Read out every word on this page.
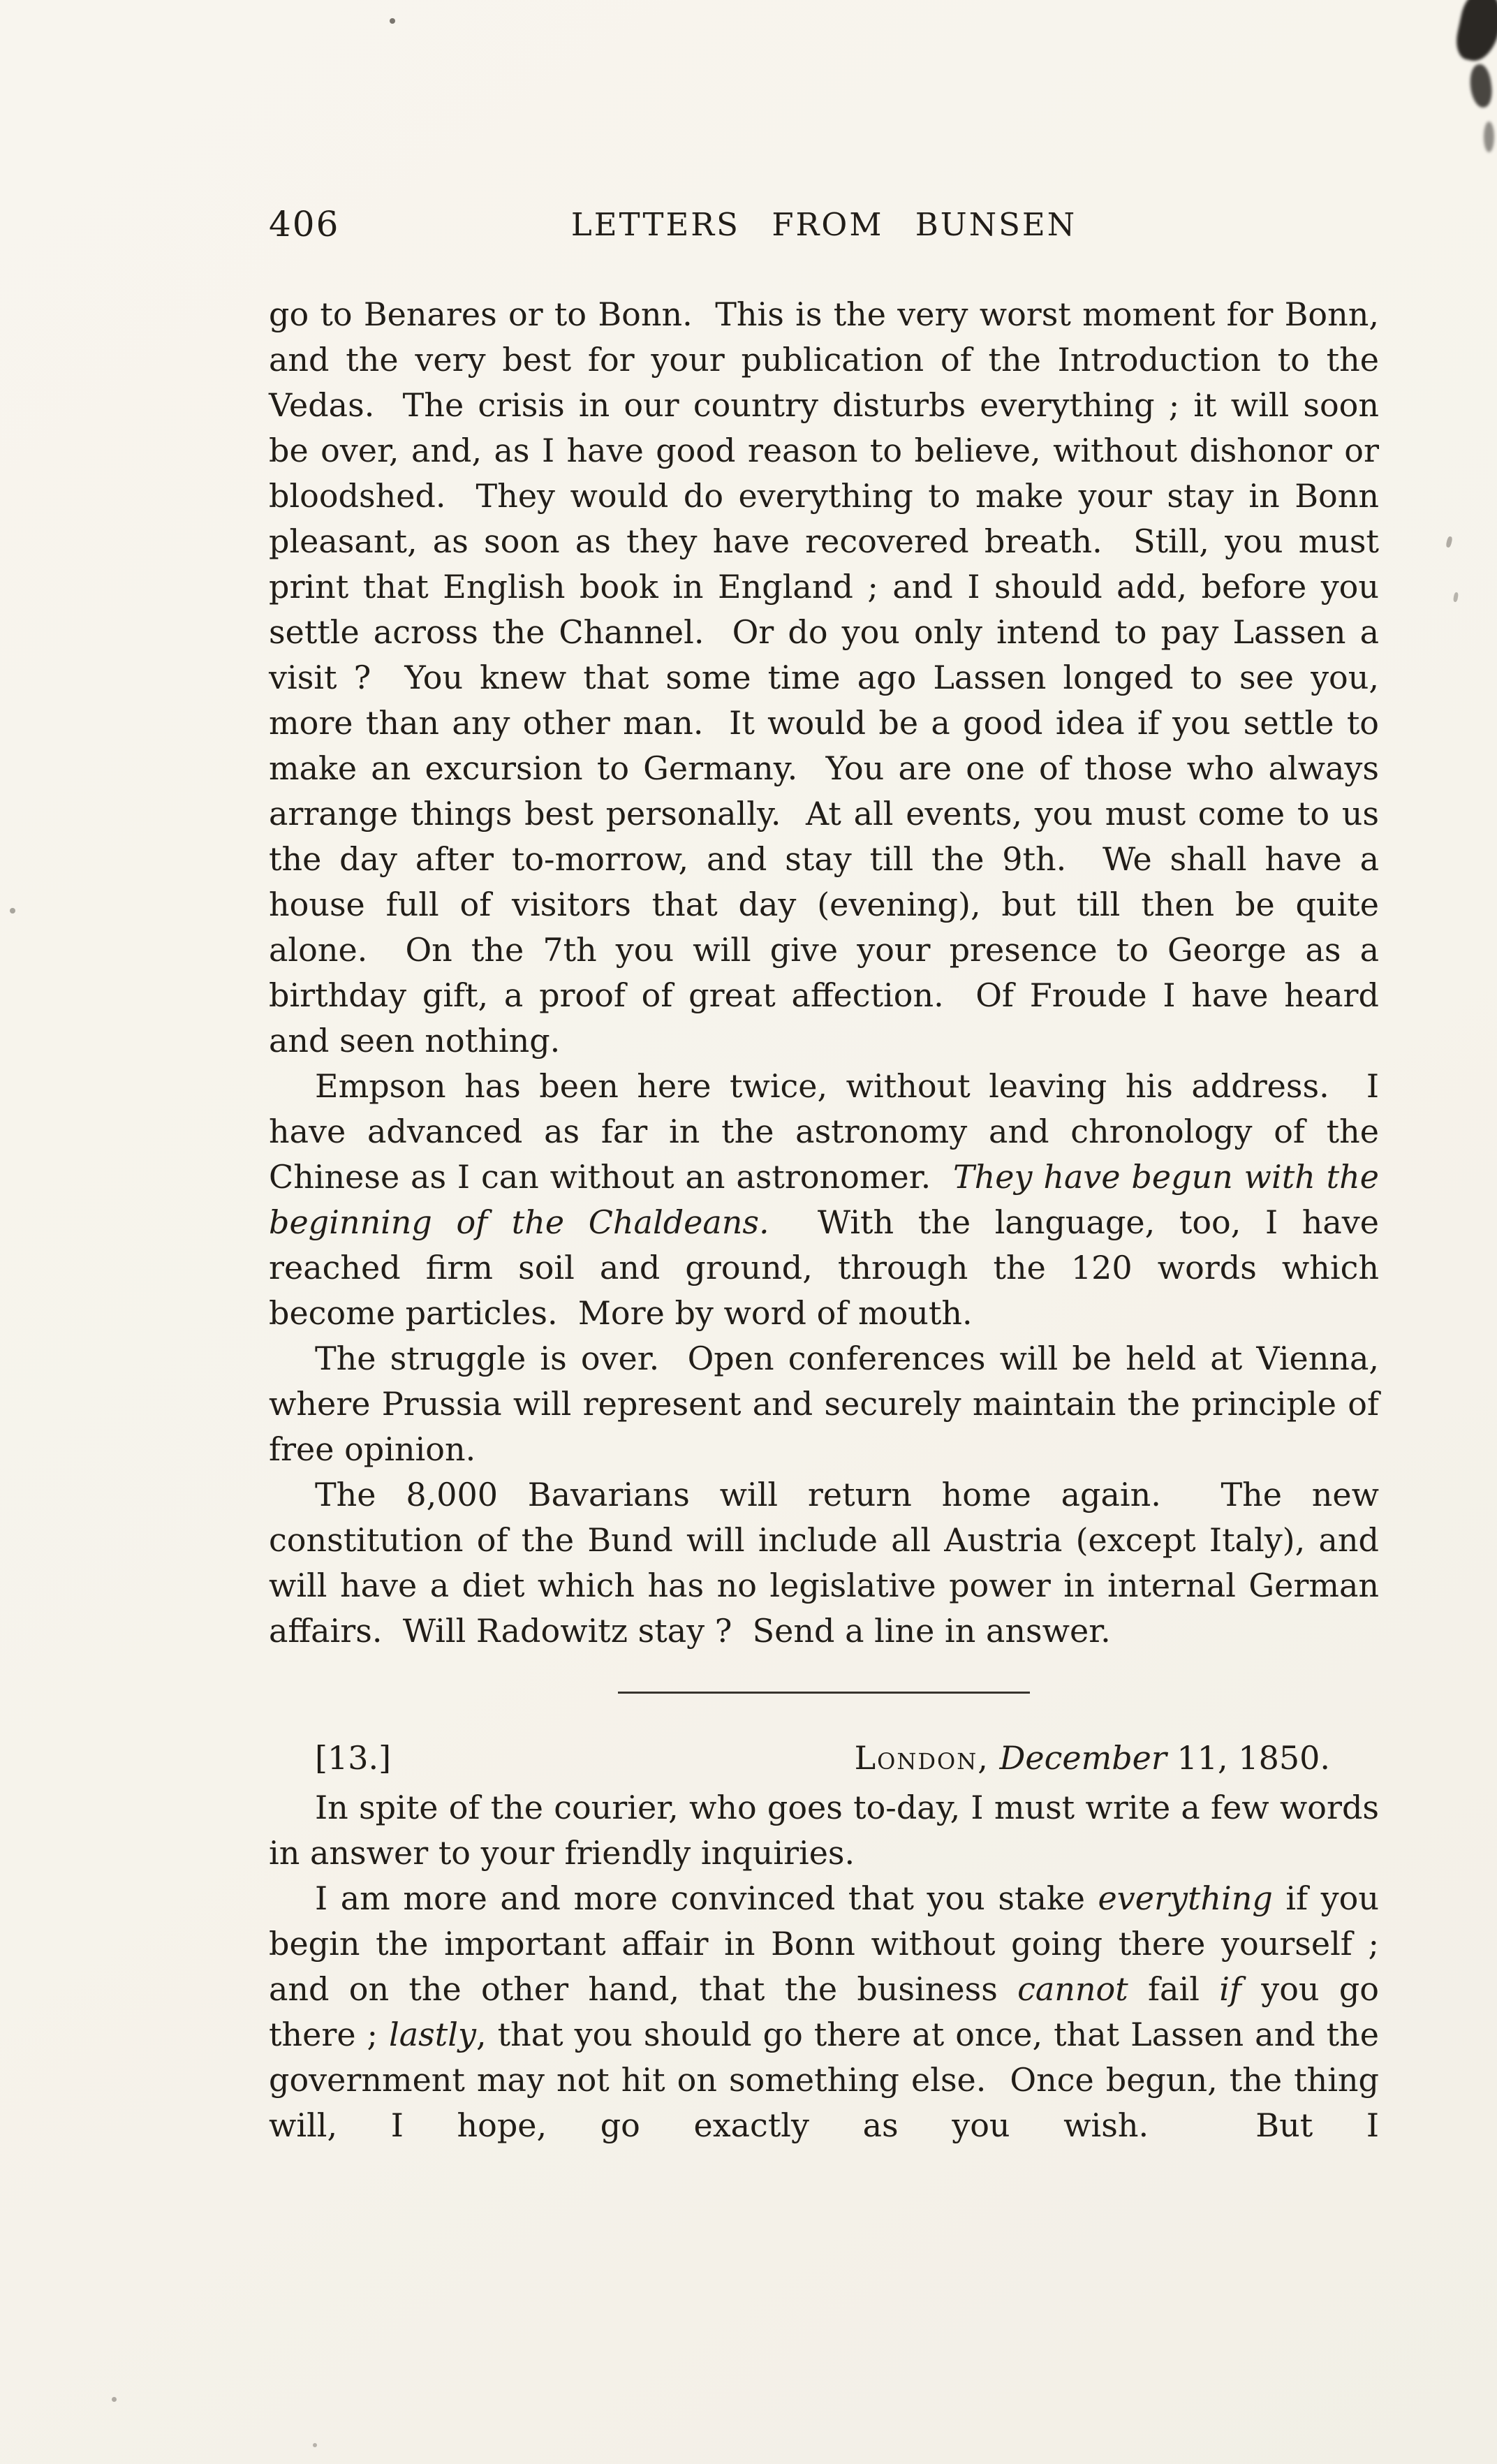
406	LETTERS FROM BUNSEN

go to Benares or to Bonn.  This is the very worst moment for Bonn, and the very best for your publication of the Introduction to the Vedas.  The crisis in our country disturbs everything ; it will soon be over, and, as I have good reason to believe, without dishonor or bloodshed.  They would do everything to make your stay in Bonn pleasant, as soon as they have recovered breath.  Still, you must print that English book in England ; and I should add, before you settle across the Channel.  Or do you only intend to pay Lassen a visit ?  You knew that some time ago Lassen longed to see you, more than any other man.  It would be a good idea if you settle to make an excursion to Germany.  You are one of those who always arrange things best personally.  At all events, you must come to us the day after to-morrow, and stay till the 9th.  We shall have a house full of visitors that day (evening), but till then be quite alone.  On the 7th you will give your presence to George as a birthday gift, a proof of great affection.  Of Froude I have heard and seen nothing.

Empson has been here twice, without leaving his address.  I have advanced as far in the astronomy and chronology of the Chinese as I can without an astronomer.  They have begun with the beginning of the Chaldeans.  With the language, too, I have reached firm soil and ground, through the 120 words which become particles.  More by word of mouth.

The struggle is over.  Open conferences will be held at Vienna, where Prussia will represent and securely maintain the principle of free opinion.

The 8,000 Bavarians will return home again.  The new constitution of the Bund will include all Austria (except Italy), and will have a diet which has no legislative power in internal German affairs.  Will Radowitz stay ?  Send a line in answer.

[13.]	London, December 11, 1850.

In spite of the courier, who goes to-day, I must write a few words in answer to your friendly inquiries.

I am more and more convinced that you stake everything if you begin the important affair in Bonn without going there yourself ; and on the other hand, that the business cannot fail if you go there ; lastly, that you should go there at once, that Lassen and the government may not hit on something else.  Once begun, the thing will, I hope, go exactly as you wish.  But I
